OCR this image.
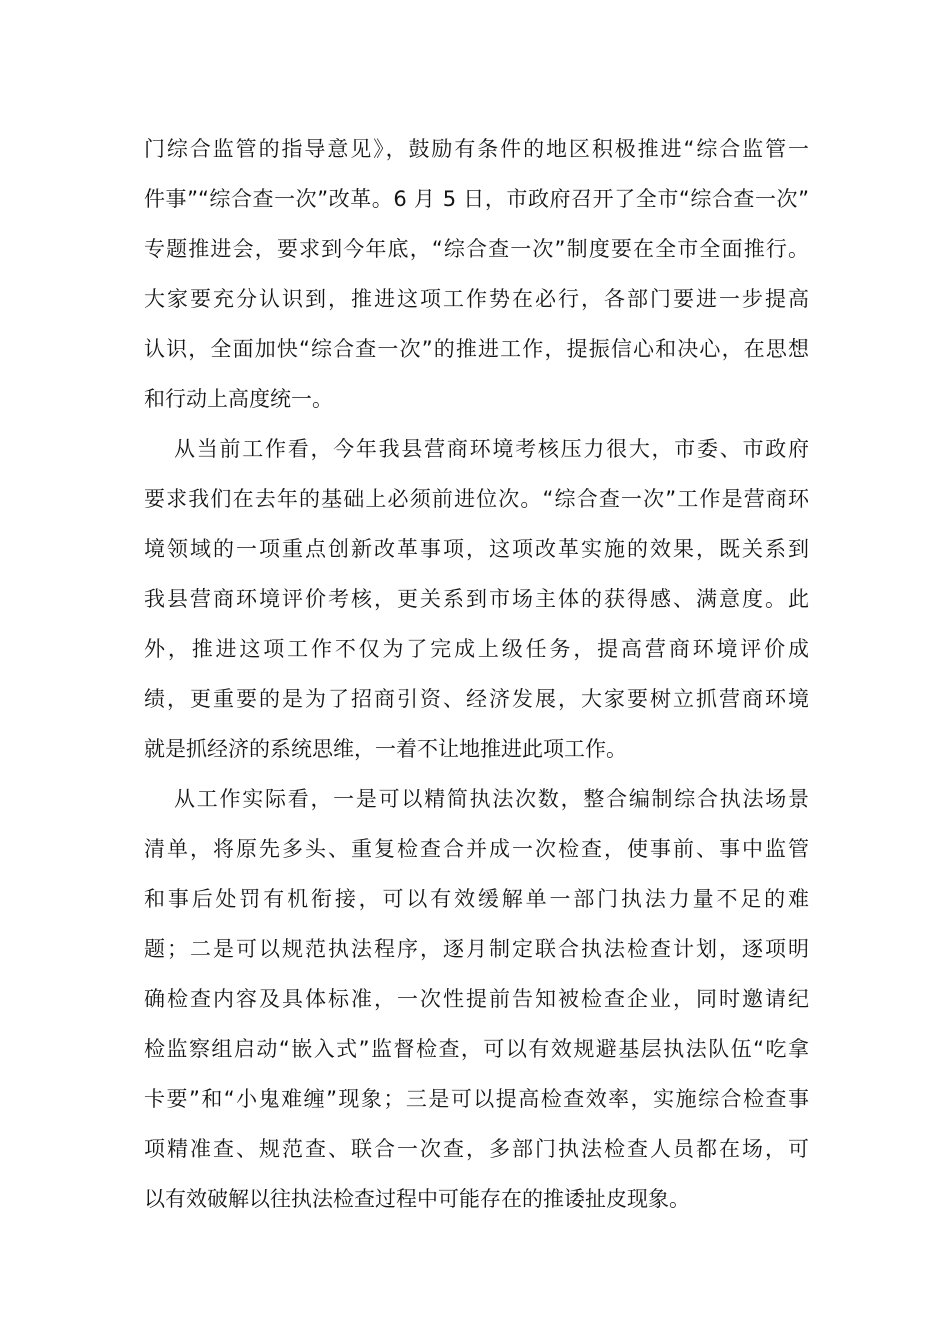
门综合监管的指导意见》，鼓励有条件的地区积极推进“综合监管一
件事”“综合查一次”改革。6 月 5 日，市政府召开了全市“综合查一次”
专题推进会，要求到今年底，“综合查一次”制度要在全市全面推行。
大家要充分认识到，推进这项工作势在必行，各部门要进一步提高
认识，全面加快“综合查一次”的推进工作，提振信心和决心，在思想
和行动上高度统一。
从当前工作看，今年我县营商环境考核压力很大，市委、市政府
要求我们在去年的基础上必须前进位次。“综合查一次”工作是营商环
境领域的一项重点创新改革事项，这项改革实施的效果，既关系到
我县营商环境评价考核，更关系到市场主体的获得感、满意度。此
外，推进这项工作不仅为了完成上级任务，提高营商环境评价成
绩，更重要的是为了招商引资、经济发展，大家要树立抓营商环境
就是抓经济的系统思维，一着不让地推进此项工作。
从工作实际看，一是可以精简执法次数，整合编制综合执法场景
清单，将原先多头、重复检查合并成一次检查，使事前、事中监管
和事后处罚有机衔接，可以有效缓解单一部门执法力量不足的难
题；二是可以规范执法程序，逐月制定联合执法检查计划，逐项明
确检查内容及具体标准，一次性提前告知被检查企业，同时邀请纪
检监察组启动“嵌入式”监督检查，可以有效规避基层执法队伍“吃拿
卡要”和“小鬼难缠”现象；三是可以提高检查效率，实施综合检查事
项精准查、规范查、联合一次查，多部门执法检查人员都在场，可
以有效破解以往执法检查过程中可能存在的推诿扯皮现象。
